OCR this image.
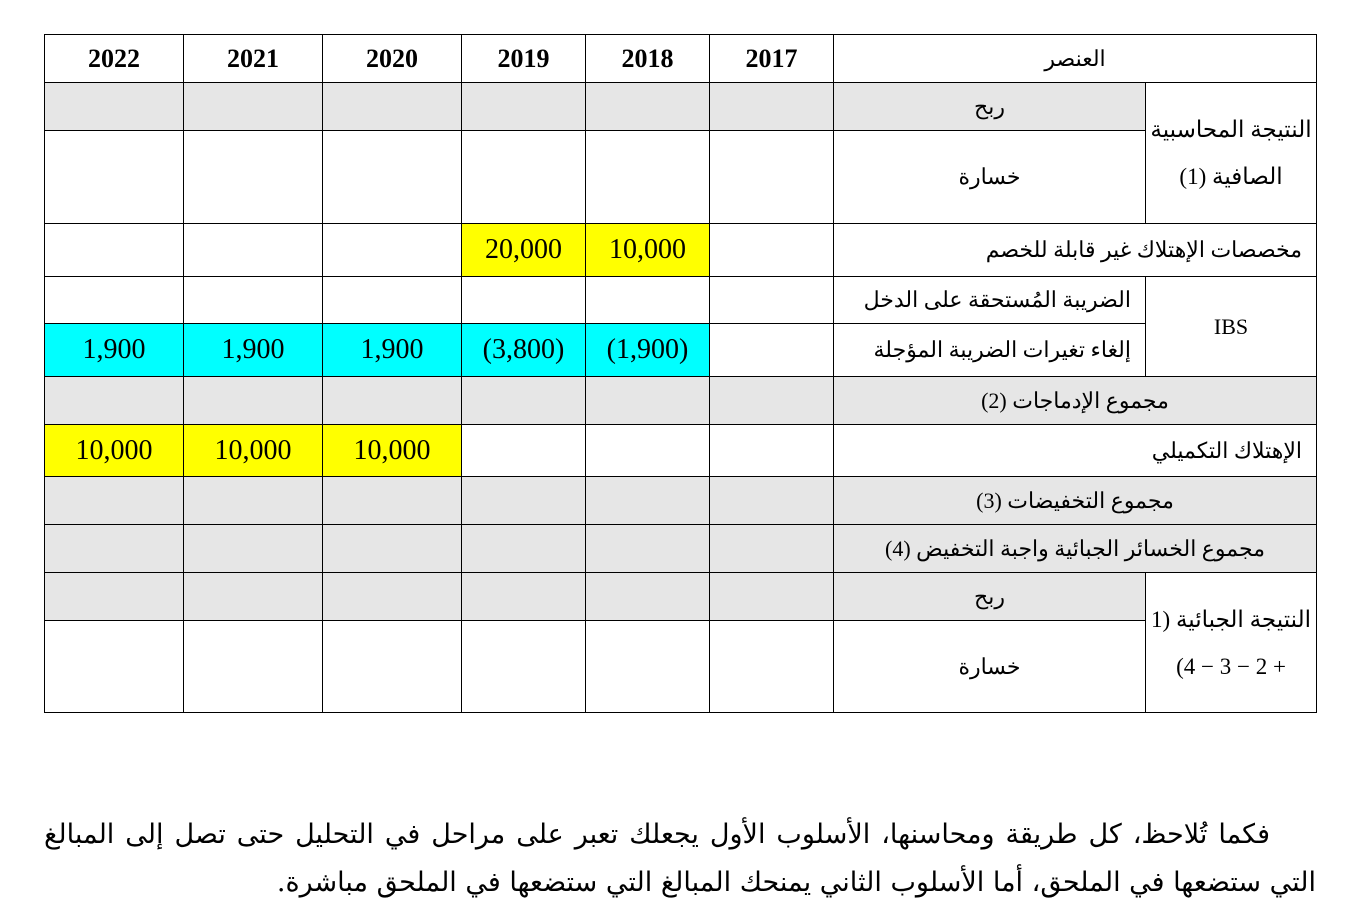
2022	2021	2020	2019	2018	2017	العنصر	
						ربح	النتيجة المحاسبية الصافية (1)
						خسارة	
			20,000	10,000		مخصصات الإهتلاك غير قابلة للخصم	
						الضريبة المُستحقة على الدخل	IBS
1,900	1,900	1,900	(3,800)	(1,900)		إلغاء تغيرات الضريبة المؤجلة	
						مجموع الإدماجات (2)	
10,000	10,000	10,000				الإهتلاك التكميلي	
						مجموع التخفيضات (3)	
						مجموع الخسائر الجبائية واجبة التخفيض (4)	
						ربح	النتيجة الجبائية (1 + 2 − 3 − 4)
						خسارة	

فكما تُلاحظ، كل طريقة ومحاسنها، الأسلوب الأول يجعلك تعبر على مراحل في التحليل حتى تصل إلى المبالغ التي ستضعها في الملحق، أما الأسلوب الثاني يمنحك المبالغ التي ستضعها في الملحق مباشرة.
